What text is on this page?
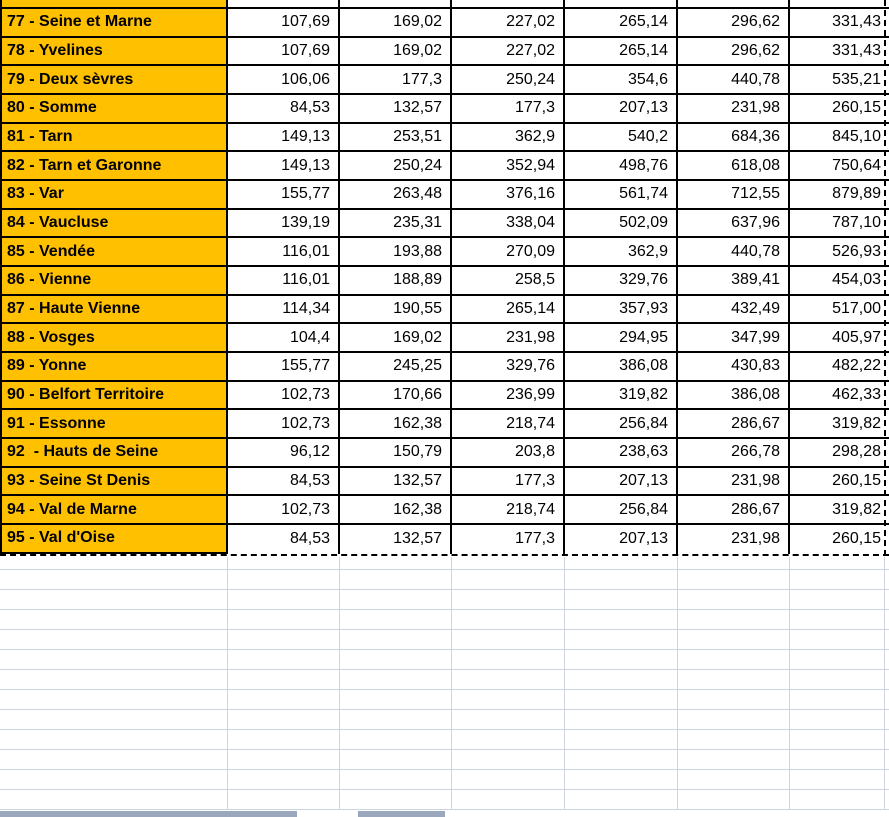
77 - Seine et Marne	107,69	169,02	227,02	265,14	296,62	331,43
78 - Yvelines	107,69	169,02	227,02	265,14	296,62	331,43
79 - Deux sèvres	106,06	177,3	250,24	354,6	440,78	535,21
80 - Somme	84,53	132,57	177,3	207,13	231,98	260,15
81 - Tarn	149,13	253,51	362,9	540,2	684,36	845,10
82 - Tarn et Garonne	149,13	250,24	352,94	498,76	618,08	750,64
83 - Var	155,77	263,48	376,16	561,74	712,55	879,89
84 - Vaucluse	139,19	235,31	338,04	502,09	637,96	787,10
85 - Vendée	116,01	193,88	270,09	362,9	440,78	526,93
86 - Vienne	116,01	188,89	258,5	329,76	389,41	454,03
87 - Haute Vienne	114,34	190,55	265,14	357,93	432,49	517,00
88 - Vosges	104,4	169,02	231,98	294,95	347,99	405,97
89 - Yonne	155,77	245,25	329,76	386,08	430,83	482,22
90 - Belfort Territoire	102,73	170,66	236,99	319,82	386,08	462,33
91 - Essonne	102,73	162,38	218,74	256,84	286,67	319,82
92  - Hauts de Seine	96,12	150,79	203,8	238,63	266,78	298,28
93 - Seine St Denis	84,53	132,57	177,3	207,13	231,98	260,15
94 - Val de Marne	102,73	162,38	218,74	256,84	286,67	319,82
95 - Val d'Oise	84,53	132,57	177,3	207,13	231,98	260,15
